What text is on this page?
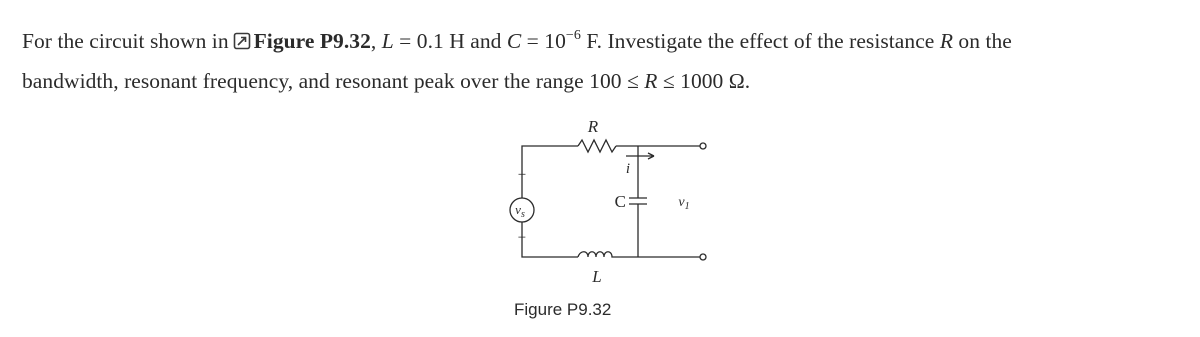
For the circuit shown in Figure P9.32, L = 0.1 H and $C = 10^{-6}$ F. Investigate the effect of the resistance R on the
bandwidth, resonant frequency, and resonant peak over the range 100 ≤ R ≤ 1000 Ω.
R
i
+
−
$v_s$
C	$v_1$
L
Figure P9.32
